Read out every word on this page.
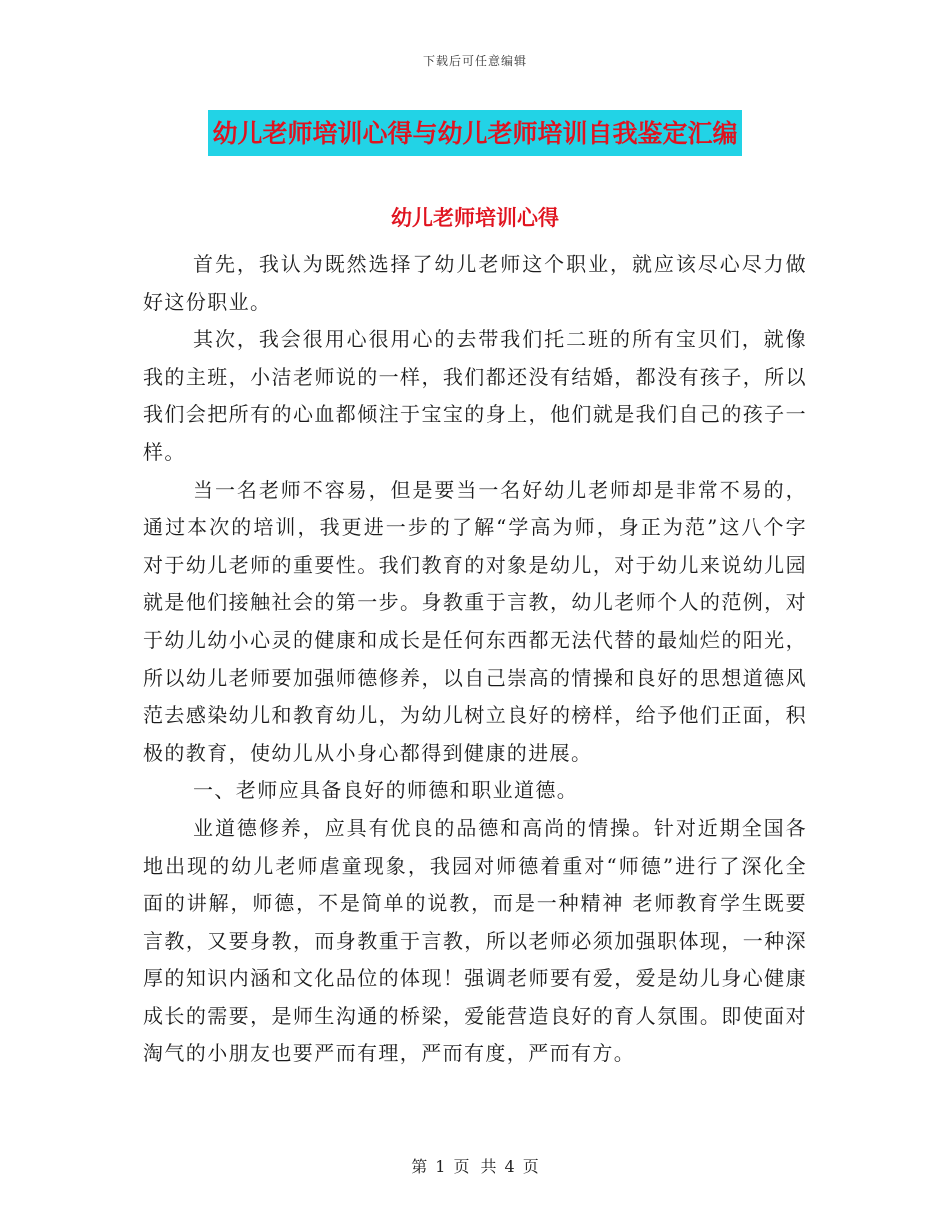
下载后可任意编辑
幼儿老师培训心得与幼儿老师培训自我鉴定汇编
幼儿老师培训心得

首先，我认为既然选择了幼儿老师这个职业，就应该尽心尽力做好这份职业。

其次，我会很用心很用心的去带我们托二班的所有宝贝们，就像我的主班，小洁老师说的一样，我们都还没有结婚，都没有孩子，所以我们会把所有的心血都倾注于宝宝的身上，他们就是我们自己的孩子一样。

当一名老师不容易，但是要当一名好幼儿老师却是非常不易的，通过本次的培训，我更进一步的了解“学高为师，身正为范”这八个字对于幼儿老师的重要性。我们教育的对象是幼儿，对于幼儿来说幼儿园就是他们接触社会的第一步。身教重于言教，幼儿老师个人的范例，对于幼儿幼小心灵的健康和成长是任何东西都无法代替的最灿烂的阳光，所以幼儿老师要加强师德修养，以自己崇高的情操和良好的思想道德风范去感染幼儿和教育幼儿，为幼儿树立良好的榜样，给予他们正面，积极的教育，使幼儿从小身心都得到健康的进展。

一、老师应具备良好的师德和职业道德。

业道德修养，应具有优良的品德和高尚的情操。针对近期全国各地出现的幼儿老师虐童现象，我园对师德着重对“师德”进行了深化全面的讲解，师德，不是简单的说教，而是一种精神 老师教育学生既要言教，又要身教，而身教重于言教，所以老师必须加强职体现，一种深厚的知识内涵和文化品位的体现！强调老师要有爱，爱是幼儿身心健康成长的需要，是师生沟通的桥梁，爱能营造良好的育人氛围。即使面对淘气的小朋友也要严而有理，严而有度，严而有方。

第 1 页 共 4 页
